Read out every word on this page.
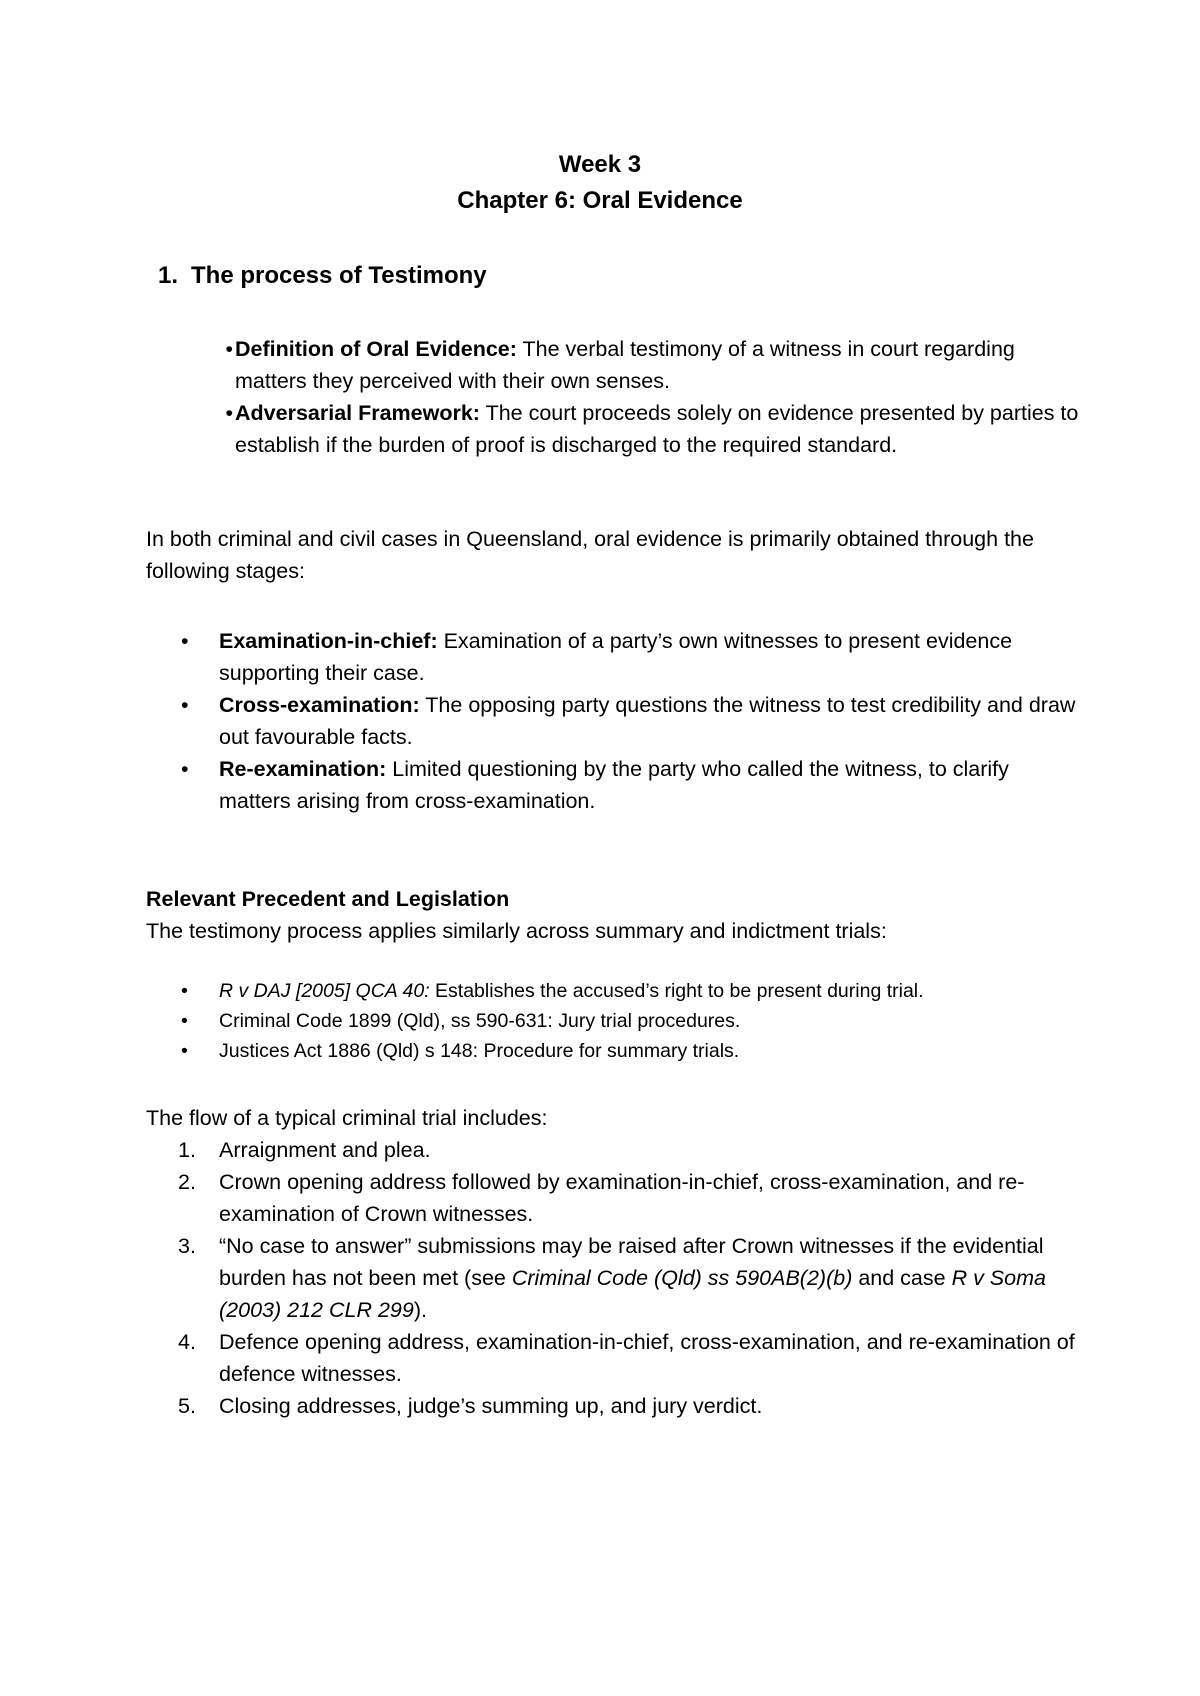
Week 3
Chapter 6: Oral Evidence
1. The process of Testimony
• Definition of Oral Evidence: The verbal testimony of a witness in court regarding matters they perceived with their own senses.
• Adversarial Framework: The court proceeds solely on evidence presented by parties to establish if the burden of proof is discharged to the required standard.

In both criminal and civil cases in Queensland, oral evidence is primarily obtained through the following stages:

• Examination-in-chief: Examination of a party’s own witnesses to present evidence supporting their case.
• Cross-examination: The opposing party questions the witness to test credibility and draw out favourable facts.
• Re-examination: Limited questioning by the party who called the witness, to clarify matters arising from cross-examination.
Relevant Precedent and Legislation

The testimony process applies similarly across summary and indictment trials:

• R v DAJ [2005] QCA 40: Establishes the accused’s right to be present during trial.
• Criminal Code 1899 (Qld), ss 590-631: Jury trial procedures.
• Justices Act 1886 (Qld) s 148: Procedure for summary trials.

The flow of a typical criminal trial includes:

1. Arraignment and plea.
2. Crown opening address followed by examination-in-chief, cross-examination, and re-examination of Crown witnesses.
3. “No case to answer” submissions may be raised after Crown witnesses if the evidential burden has not been met (see Criminal Code (Qld) ss 590AB(2)(b) and case R v Soma (2003) 212 CLR 299).
4. Defence opening address, examination-in-chief, cross-examination, and re-examination of defence witnesses.
5. Closing addresses, judge’s summing up, and jury verdict.
